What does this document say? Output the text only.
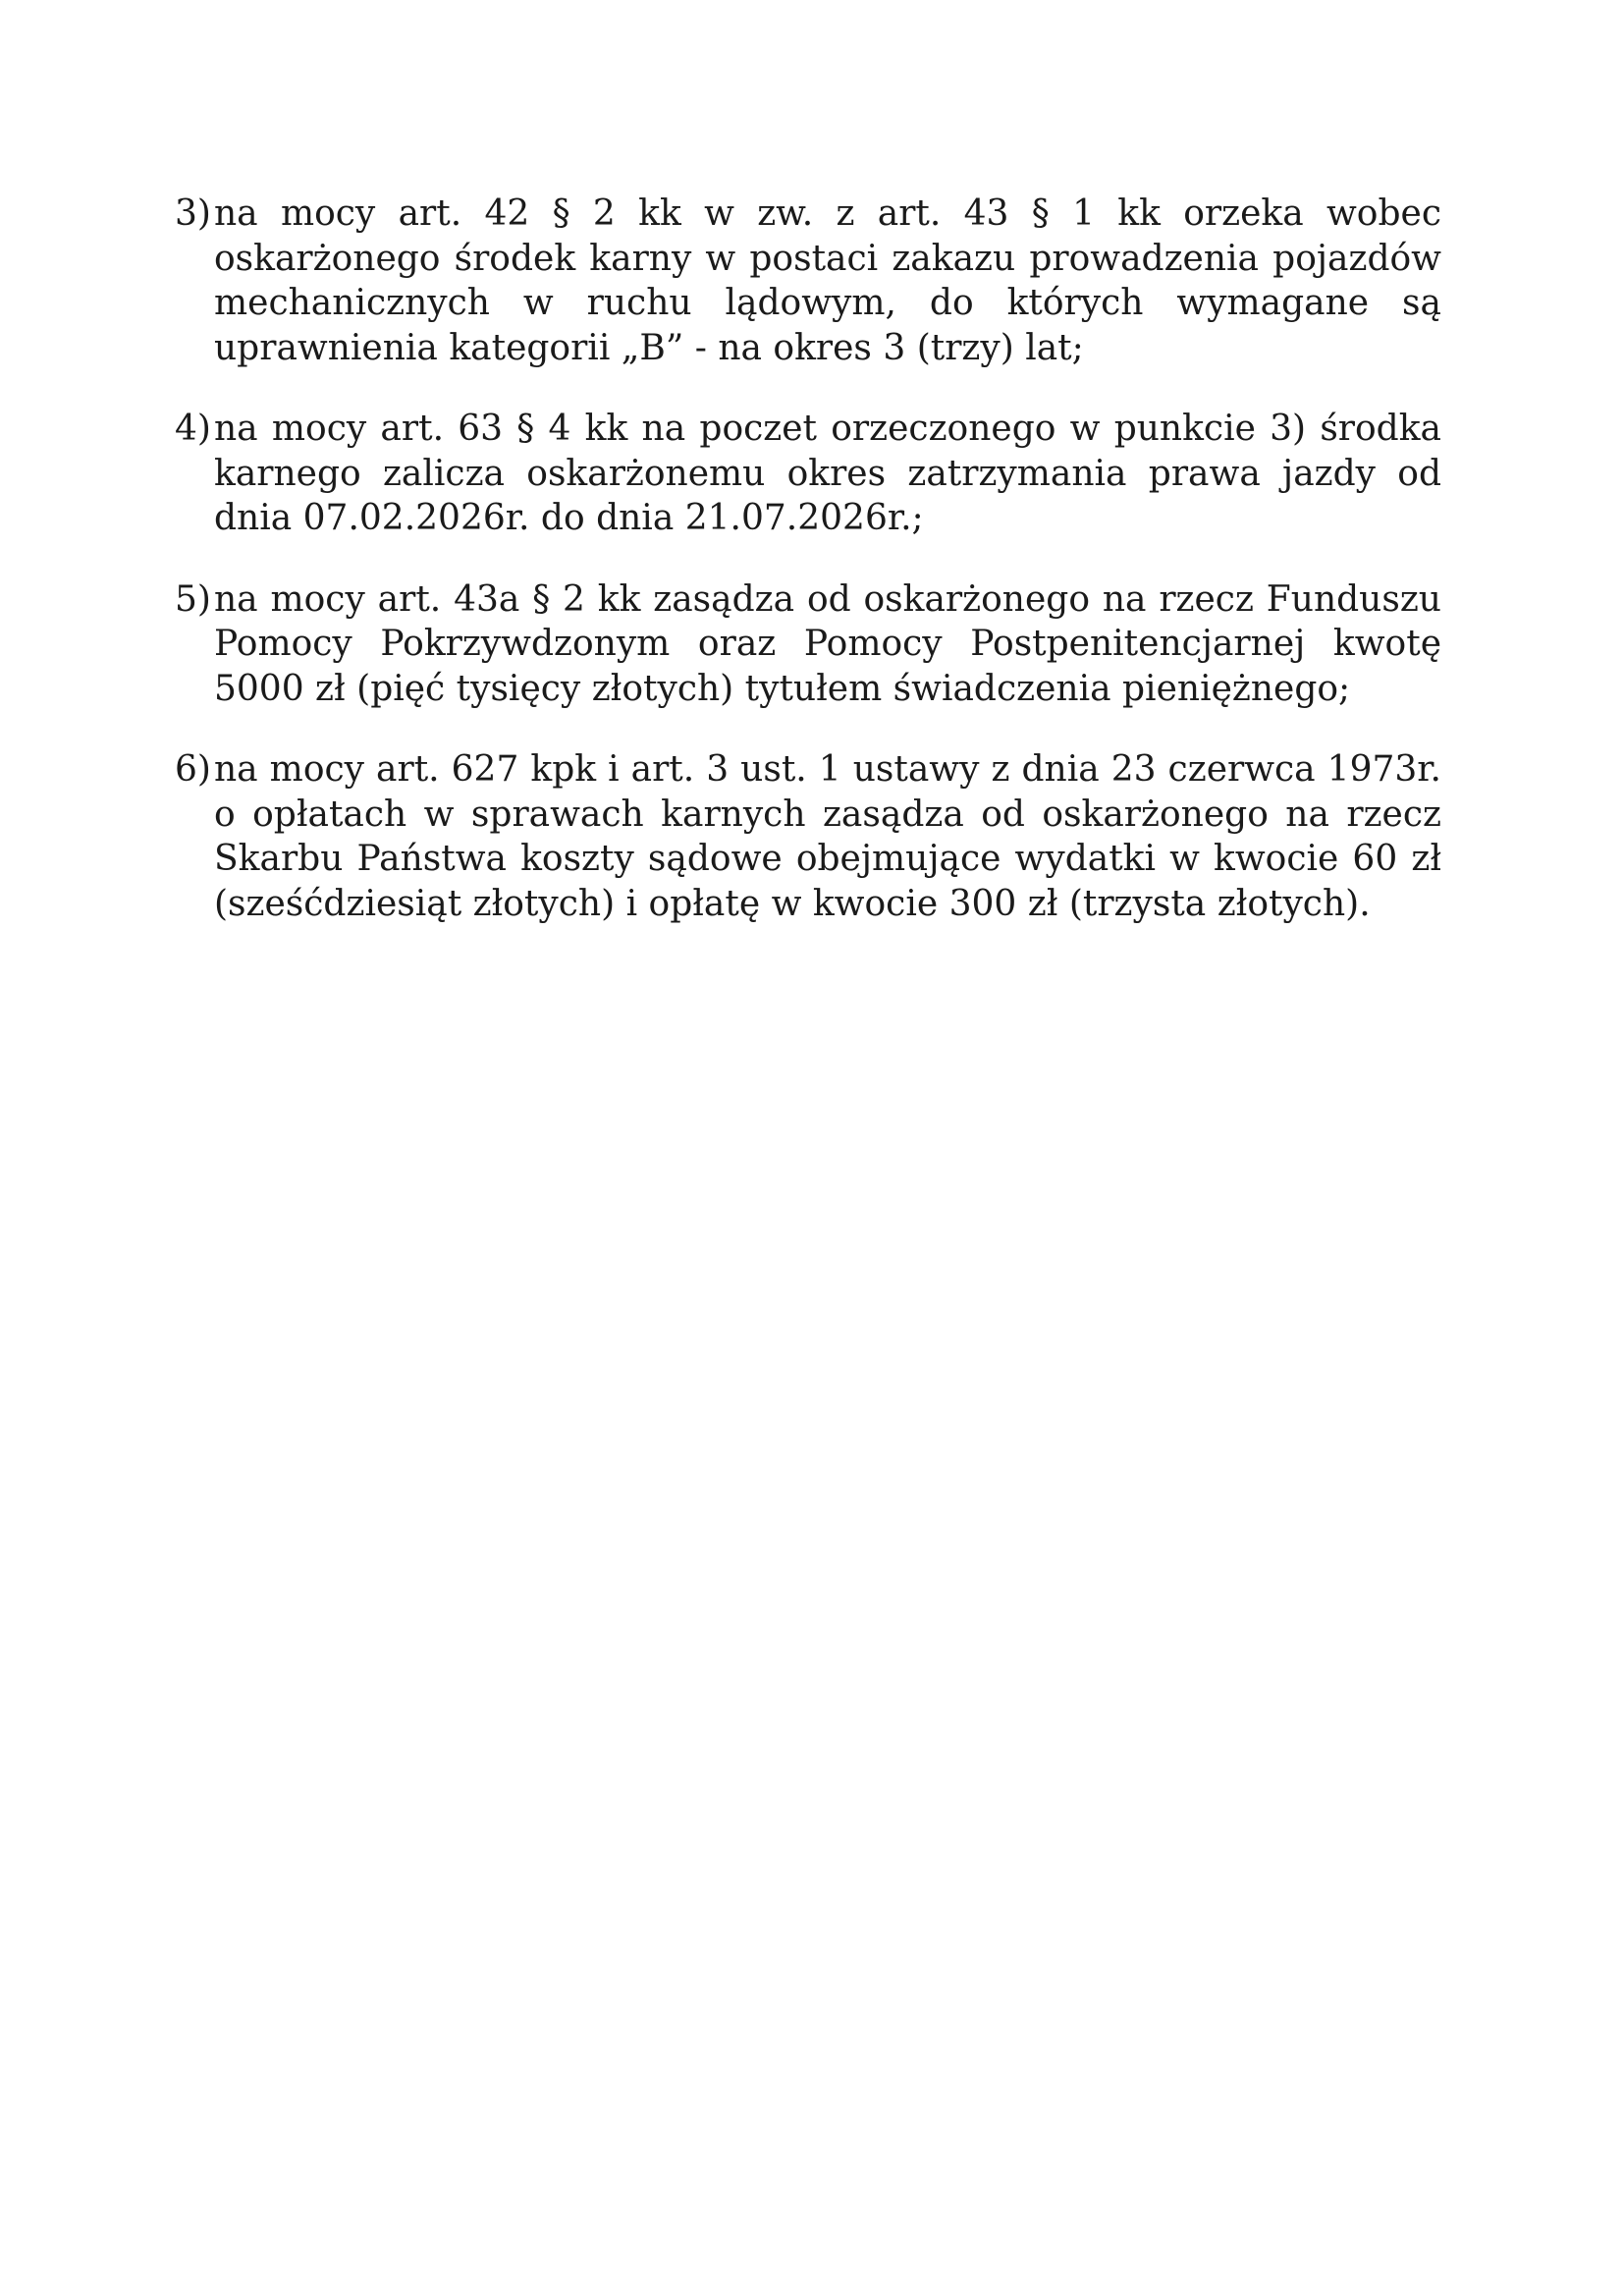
3) na mocy art. 42 § 2 kk w zw. z art. 43 § 1 kk orzeka wobec oskarżonego środek karny w postaci zakazu prowadzenia pojazdów mechanicznych w ruchu lądowym, do których wymagane są uprawnienia kategorii „B” - na okres 3 (trzy) lat;
4) na mocy art. 63 § 4 kk na poczet orzeczonego w punkcie 3) środka karnego zalicza oskarżonemu okres zatrzymania prawa jazdy od dnia 07.02.2026r. do dnia 21.07.2026r.;
5) na mocy art. 43a § 2 kk zasądza od oskarżonego na rzecz Funduszu Pomocy Pokrzywdzonym oraz Pomocy Postpenitencjarnej kwotę 5000 zł (pięć tysięcy złotych) tytułem świadczenia pieniężnego;
6) na mocy art. 627 kpk i art. 3 ust. 1 ustawy z dnia 23 czerwca 1973r. o opłatach w sprawach karnych zasądza od oskarżonego na rzecz Skarbu Państwa koszty sądowe obejmujące wydatki w kwocie 60 zł (sześćdziesiąt złotych) i opłatę w kwocie 300 zł (trzysta złotych).
